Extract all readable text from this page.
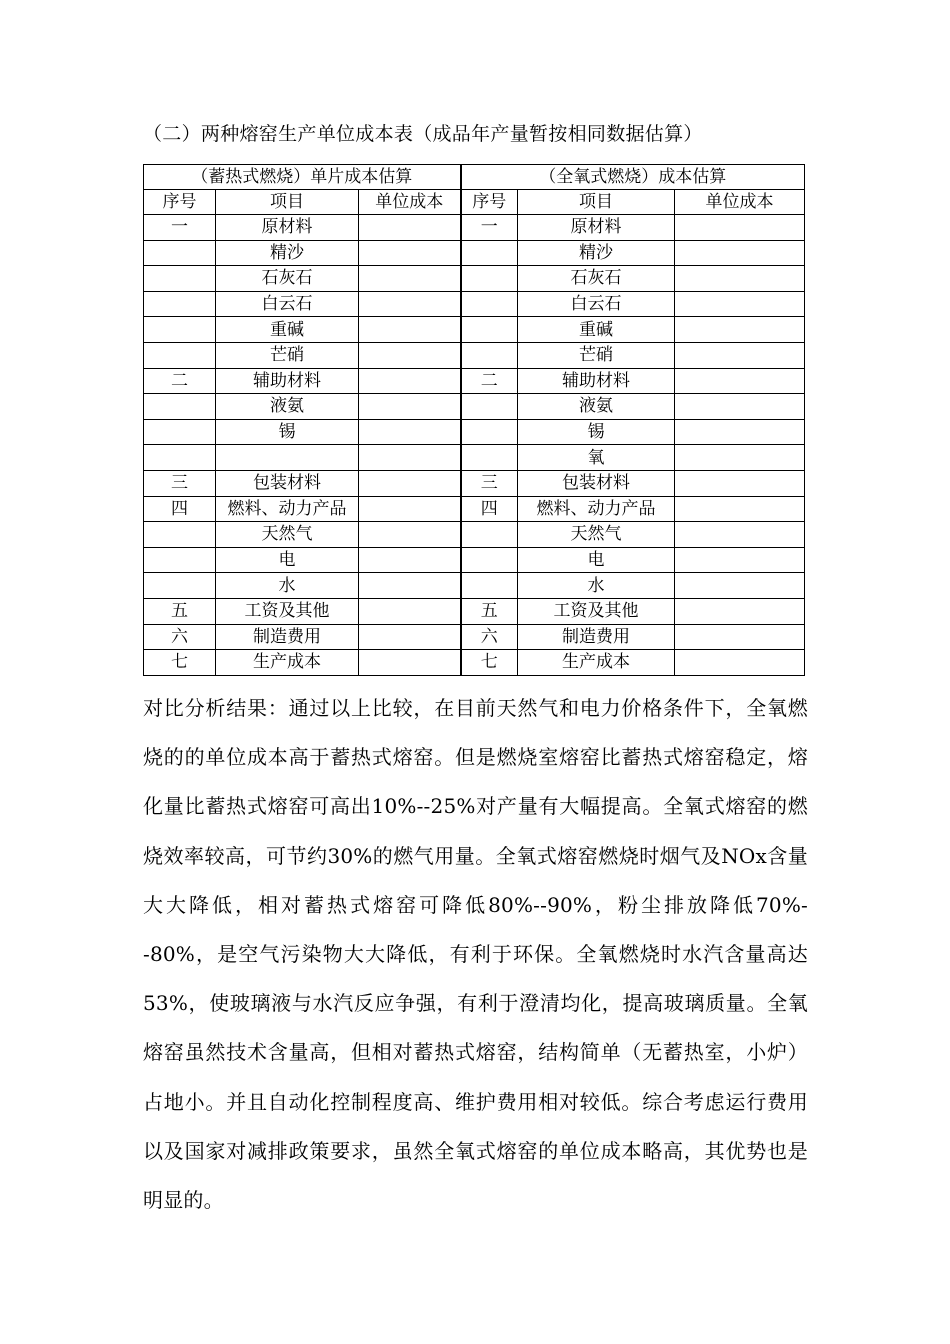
（二）两种熔窑生产单位成本表（成品年产量暂按相同数据估算）
（蓄热式燃烧）单片成本估算			（全氧式燃烧）成本估算		
序号	项目	单位成本	序号	项目	单位成本
一	原材料		一	原材料	
	精沙			精沙	
	石灰石			石灰石	
	白云石			白云石	
	重碱			重碱	
	芒硝			芒硝	
二	辅助材料		二	辅助材料	
	液氨			液氨	
	锡			锡	
				氧	
三	包装材料		三	包装材料	
四	燃料、动力产品		四	燃料、动力产品	
	天然气			天然气	
	电			电	
	水			水	
五	工资及其他		五	工资及其他	
六	制造费用		六	制造费用	
七	生产成本		七	生产成本	
对比分析结果：通过以上比较，在目前天然气和电力价格条件下，全氧燃烧的的单位成本高于蓄热式熔窑。但是燃烧室熔窑比蓄热式熔窑稳定，熔化量比蓄热式熔窑可高出10%--25%对产量有大幅提高。全氧式熔窑的燃烧效率较高，可节约30%的燃气用量。全氧式熔窑燃烧时烟气及NOx含量大大降低，相对蓄热式熔窑可降低80%--90%，粉尘排放降低70%--80%，是空气污染物大大降低，有利于环保。全氧燃烧时水汽含量高达53%，使玻璃液与水汽反应争强，有利于澄清均化，提高玻璃质量。全氧熔窑虽然技术含量高，但相对蓄热式熔窑，结构简单（无蓄热室，小炉）占地小。并且自动化控制程度高、维护费用相对较低。综合考虑运行费用以及国家对减排政策要求，虽然全氧式熔窑的单位成本略高，其优势也是明显的。
